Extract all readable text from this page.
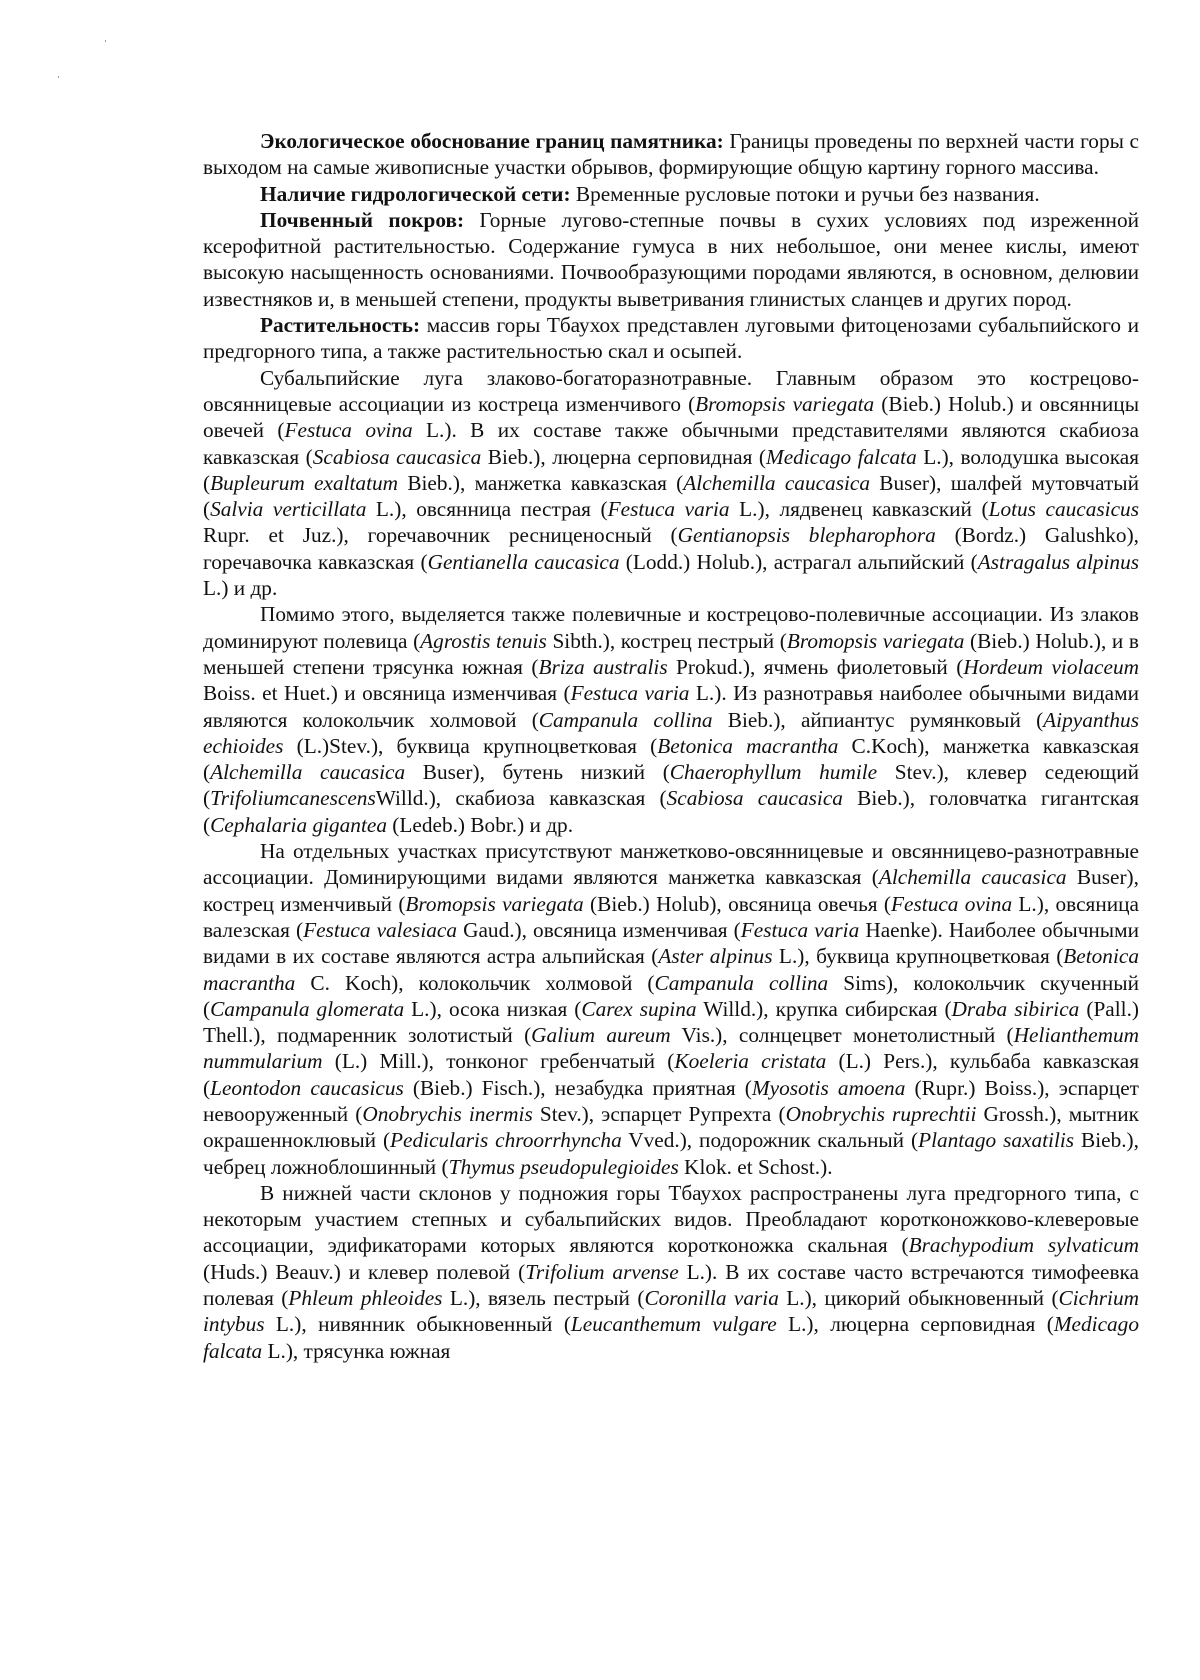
Экологическое обоснование границ памятника: Границы проведены по верхней части горы с выходом на самые живописные участки обрывов, формирующие общую картину горного массива.

Наличие гидрологической сети: Временные русловые потоки и ручьи без названия.

Почвенный покров: Горные лугово-степные почвы в сухих условиях под изреженной ксерофитной растительностью. Содержание гумуса в них небольшое, они менее кислы, имеют высокую насыщенность основаниями. Почвообразующими породами являются, в основном, делювии известняков и, в меньшей степени, продукты выветривания глинистых сланцев и других пород.

Растительность: массив горы Тбаухох представлен луговыми фитоценозами субальпийского и предгорного типа, а также растительностью скал и осыпей.

Субальпийские луга злаково-богаторазнотравные. Главным образом это кострецово-овсянницевые ассоциации из костреца изменчивого (Bromopsis variegata (Bieb.) Holub.) и овсянницы овечей (Festuca ovina L.). В их составе также обычными представителями являются скабиоза кавказская (Scabiosa caucasica Bieb.), люцерна серповидная (Medicago falcata L.), володушка высокая (Bupleurum exaltatum Bieb.), манжетка кавказская (Alchemilla caucasica Buser), шалфей мутовчатый (Salvia verticillata L.), овсянница пестрая (Festuca varia L.), лядвенец кавказский (Lotus caucasicus Rupr. et Juz.), горечавочник ресниценосный (Gentianopsis blepharophora (Bordz.) Galushko), горечавочка кавказская (Gentianella caucasica (Lodd.) Holub.), астрагал альпийский (Astragalus alpinus L.) и др.

Помимо этого, выделяется также полевичные и кострецово-полевичные ассоциации. Из злаков доминируют полевица (Agrostis tenuis Sibth.), кострец пестрый (Bromopsis variegata (Bieb.) Holub.), и в меньшей степени трясунка южная (Briza australis Prokud.), ячмень фиолетовый (Hordeum violaceum Boiss. et Huet.) и овсяница изменчивая (Festuca varia L.). Из разнотравья наиболее обычными видами являются колокольчик холмовой (Campanula collina Bieb.), айпиантус румянковый (Aipyanthus echioides (L.)Stev.), буквица крупноцветковая (Betonica macrantha C.Koch), манжетка кавказская (Alchemilla caucasica Buser), бутень низкий (Chaerophyllum humile Stev.), клевер седеющий (TrifoliumcanescensWilld.), скабиоза кавказская (Scabiosa caucasica Bieb.), головчатка гигантская (Cephalaria gigantea (Ledeb.) Bobr.) и др.

На отдельных участках присутствуют манжетково-овсянницевые и овсянницево-разнотравные ассоциации. Доминирующими видами являются манжетка кавказская (Alchemilla caucasica Buser), кострец изменчивый (Bromopsis variegata (Bieb.) Holub), овсяница овечья (Festuca ovina L.), овсяница валезская (Festuca valesiaca Gaud.), овсяница изменчивая (Festuca varia Haenke). Наиболее обычными видами в их составе являются астра альпийская (Aster alpinus L.), буквица крупноцветковая (Betonica macrantha C. Koch), колокольчик холмовой (Campanula collina Sims), колокольчик скученный (Campanula glomerata L.), осока низкая (Carex supina Willd.), крупка сибирская (Draba sibirica (Pall.) Thell.), подмаренник золотистый (Galium aureum Vis.), солнцецвет монетолистный (Helianthemum nummularium (L.) Mill.), тонконог гребенчатый (Koeleria cristata (L.) Pers.), кульбаба кавказская (Leontodon caucasicus (Bieb.) Fisch.), незабудка приятная (Myosotis amoena (Rupr.) Boiss.), эспарцет невооруженный (Onobrychis inermis Stev.), эспарцет Рупрехта (Onobrychis ruprechtii Grossh.), мытник окрашенноклювый (Pedicularis chroorrhyncha Vved.), подорожник скальный (Plantago saxatilis Bieb.), чебрец ложноблошинный (Thymus pseudopulegioides Klok. et Schost.).

В нижней части склонов у подножия горы Тбаухох распространены луга предгорного типа, с некоторым участием степных и субальпийских видов. Преобладают коротконожково-клеверовые ассоциации, эдификаторами которых являются коротконожка скальная (Brachypodium sylvaticum (Huds.) Beauv.) и клевер полевой (Trifolium arvense L.). В их составе часто встречаются тимофеевка полевая (Phleum phleoides L.), вязель пестрый (Coronilla varia L.), цикорий обыкновенный (Cichrium intybus L.), нивянник обыкновенный (Leucanthemum vulgare L.), люцерна серповидная (Medicago falcata L.), трясунка южная
